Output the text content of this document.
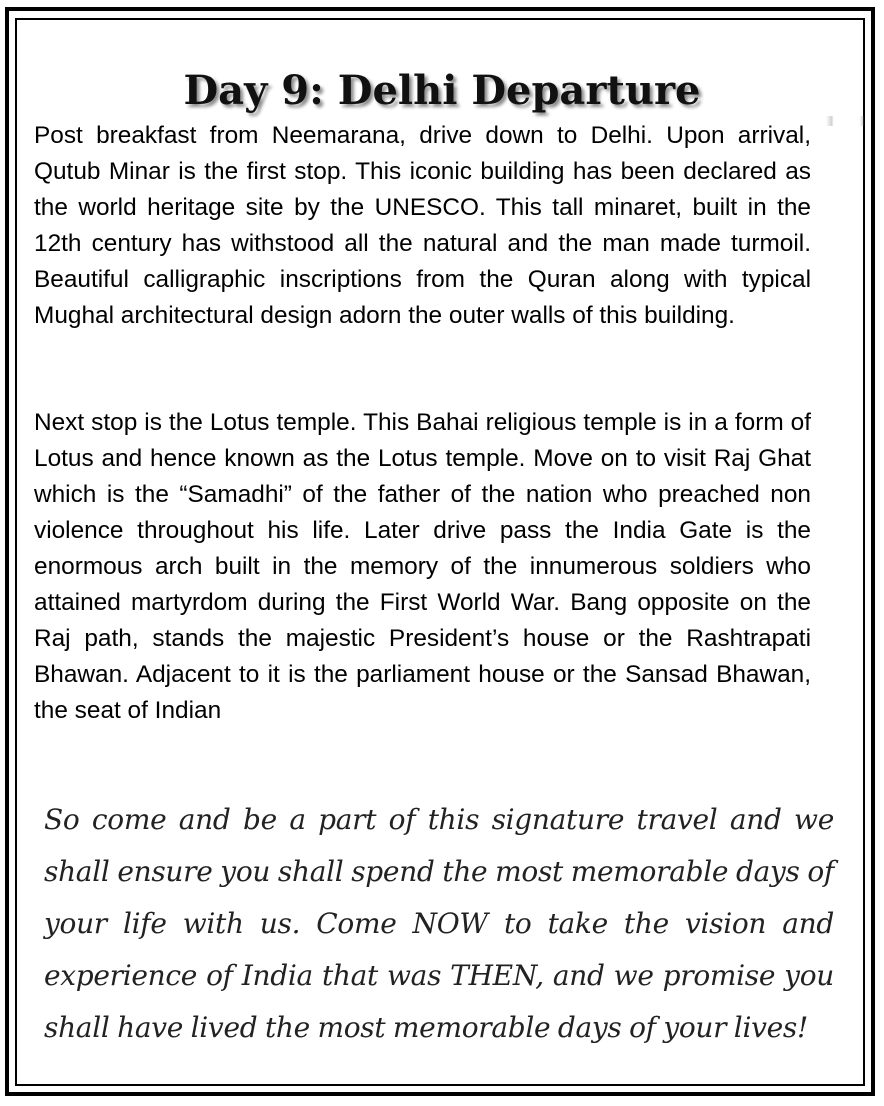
Day 9: Delhi Departure

Post breakfast from Neemarana, drive down to Delhi. Upon arrival, Qutub Minar is the first stop. This iconic building has been declared as the world heritage site by the UNESCO. This tall minaret, built in the 12th century has withstood all the natural and the man made turmoil. Beautiful calligraphic inscriptions from the Quran along with typical Mughal architectural design adorn the outer walls of this building.

Next stop is the Lotus temple. This Bahai religious temple is in a form of Lotus and hence known as the Lotus temple. Move on to visit Raj Ghat which is the “Samadhi” of the father of the nation who preached non violence throughout his life. Later drive pass the India Gate is the enormous arch built in the memory of the innumerous soldiers who attained martyrdom during the First World War. Bang opposite on the Raj path, stands the majestic President’s house or the Rashtrapati Bhawan. Adjacent to it is the parliament house or the Sansad Bhawan, the seat of Indian

So come and be a part of this signature travel and we shall ensure you shall spend the most memorable days of your life with us. Come NOW to take the vision and experience of India that was THEN, and we promise you shall have lived the most memorable days of your lives!
